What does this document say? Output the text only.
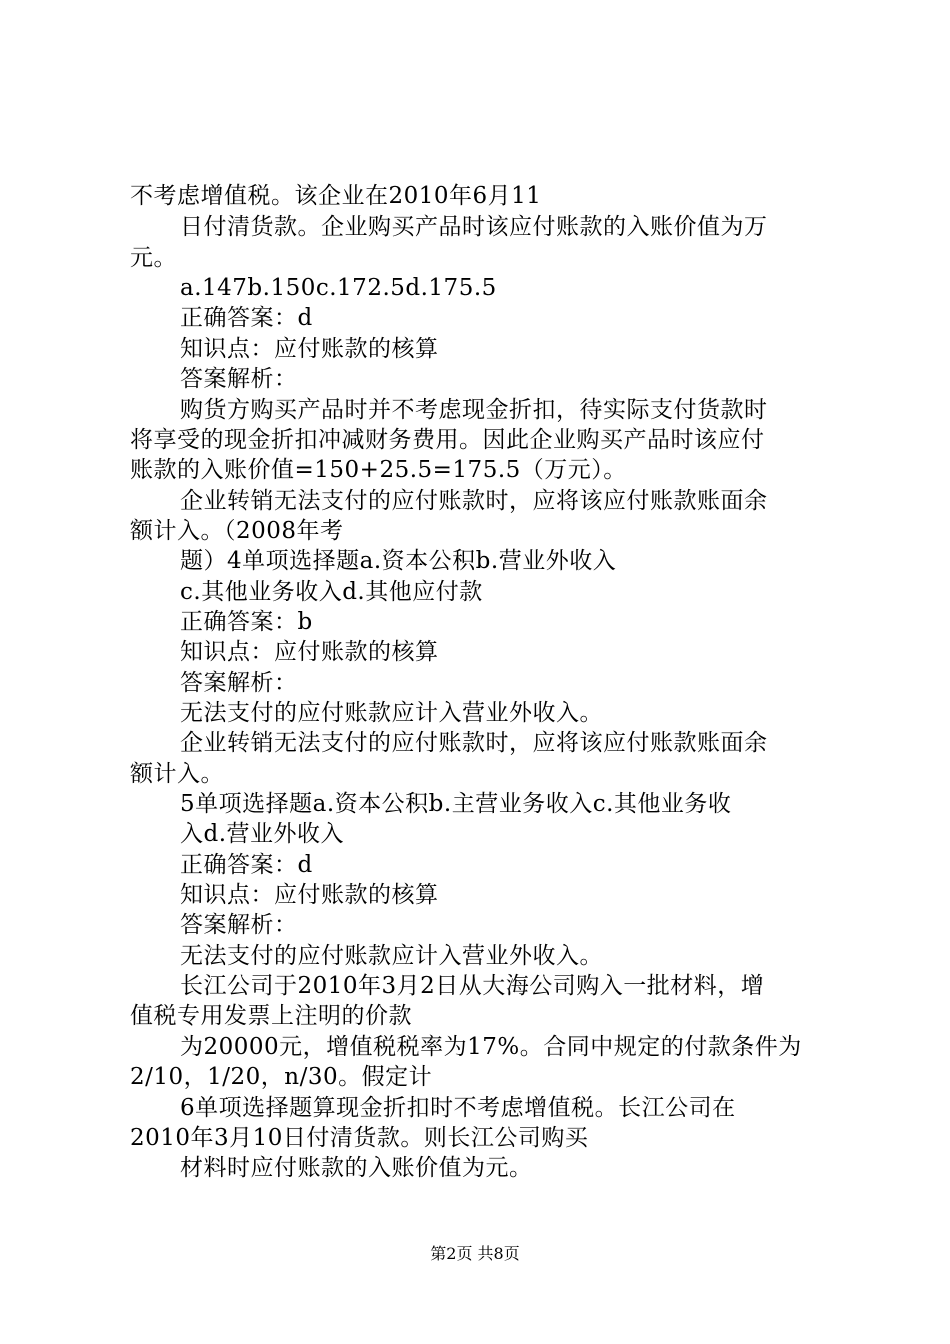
不考虑增值税。该企业在2010年6月11
日付清货款。企业购买产品时该应付账款的入账价值为万
元。
a.147b.150c.172.5d.175.5
正确答案：d
知识点：应付账款的核算
答案解析：
购货方购买产品时并不考虑现金折扣，待实际支付货款时
将享受的现金折扣冲减财务费用。因此企业购买产品时该应付
账款的入账价值=150+25.5=175.5（万元）。
企业转销无法支付的应付账款时，应将该应付账款账面余
额计入。（2008年考
题）4单项选择题a.资本公积b.营业外收入
c.其他业务收入d.其他应付款
正确答案：b
知识点：应付账款的核算
答案解析：
无法支付的应付账款应计入营业外收入。
企业转销无法支付的应付账款时，应将该应付账款账面余
额计入。
5单项选择题a.资本公积b.主营业务收入c.其他业务收
入d.营业外收入
正确答案：d
知识点：应付账款的核算
答案解析：
无法支付的应付账款应计入营业外收入。
长江公司于2010年3月2日从大海公司购入一批材料，增
值税专用发票上注明的价款
为20000元，增值税税率为17%。合同中规定的付款条件为
2/10，1/20，n/30。假定计
6单项选择题算现金折扣时不考虑增值税。长江公司在
2010年3月10日付清货款。则长江公司购买
材料时应付账款的入账价值为元。
第2页 共8页
